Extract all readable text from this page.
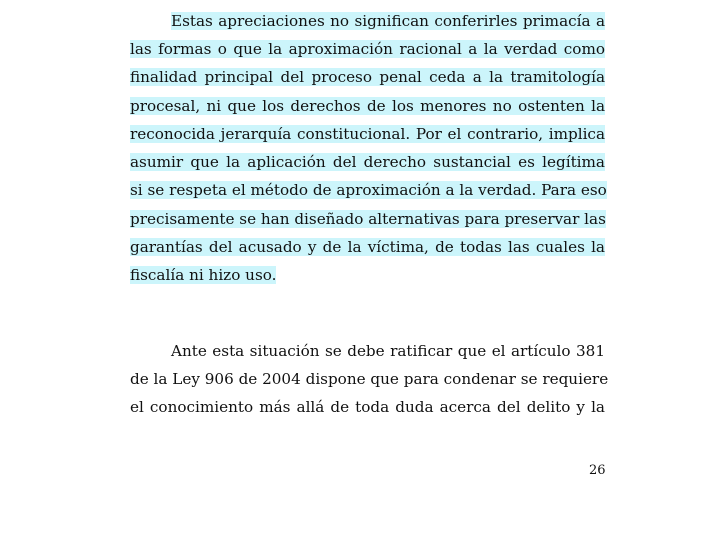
Estas apreciaciones no significan conferirles primacía a
las formas o que la aproximación racional a la verdad como
finalidad principal del proceso penal ceda a la tramitología
procesal, ni que los derechos de los menores no ostenten la
reconocida jerarquía constitucional. Por el contrario, implica
asumir que la aplicación del derecho sustancial es legítima
si se respeta el método de aproximación a la verdad. Para eso
precisamente se han diseñado alternativas para preservar las
garantías del acusado y de la víctima, de todas las cuales la
fiscalía ni hizo uso.
Ante esta situación se debe ratificar que el artículo 381
de la Ley 906 de 2004 dispone que para condenar se requiere
el conocimiento más allá de toda duda acerca del delito y la
26
